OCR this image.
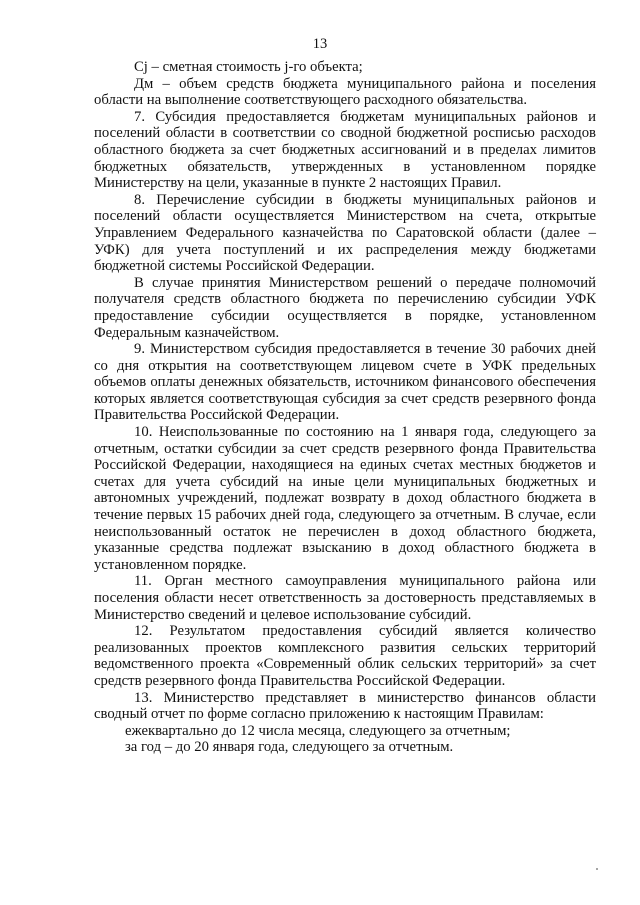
13

Cj – сметная стоимость j-го объекта;

Дм – объем средств бюджета муниципального района и поселения области на выполнение соответствующего расходного обязательства.

7. Субсидия предоставляется бюджетам муниципальных районов и поселений области в соответствии со сводной бюджетной росписью расходов областного бюджета за счет бюджетных ассигнований и в пределах лимитов бюджетных обязательств, утвержденных в установленном порядке Министерству на цели, указанные в пункте 2 настоящих Правил.

8. Перечисление субсидии в бюджеты муниципальных районов и поселений области осуществляется Министерством на счета, открытые Управлением Федерального казначейства по Саратовской области (далее – УФК) для учета поступлений и их распределения между бюджетами бюджетной системы Российской Федерации.

В случае принятия Министерством решений о передаче полномочий получателя средств областного бюджета по перечислению субсидии УФК предоставление субсидии осуществляется в порядке, установленном Федеральным казначейством.

9. Министерством субсидия предоставляется в течение 30 рабочих дней со дня открытия на соответствующем лицевом счете в УФК предельных объемов оплаты денежных обязательств, источником финансового обеспечения которых является соответствующая субсидия за счет средств резервного фонда Правительства Российской Федерации.

10. Неиспользованные по состоянию на 1 января года, следующего за отчетным, остатки субсидии за счет средств резервного фонда Правительства Российской Федерации, находящиеся на единых счетах местных бюджетов и счетах для учета субсидий на иные цели муниципальных бюджетных и автономных учреждений, подлежат возврату в доход областного бюджета в течение первых 15 рабочих дней года, следующего за отчетным. В случае, если неиспользованный остаток не перечислен в доход областного бюджета, указанные средства подлежат взысканию в доход областного бюджета в установленном порядке.

11. Орган местного самоуправления муниципального района или поселения области несет ответственность за достоверность представляемых в Министерство сведений и целевое использование субсидий.

12. Результатом предоставления субсидий является количество реализованных проектов комплексного развития сельских территорий ведомственного проекта «Современный облик сельских территорий» за счет средств резервного фонда Правительства Российской Федерации.

13. Министерство представляет в министерство финансов области сводный отчет по форме согласно приложению к настоящим Правилам:

ежеквартально до 12 числа месяца, следующего за отчетным;

за год – до 20 января года, следующего за отчетным.
